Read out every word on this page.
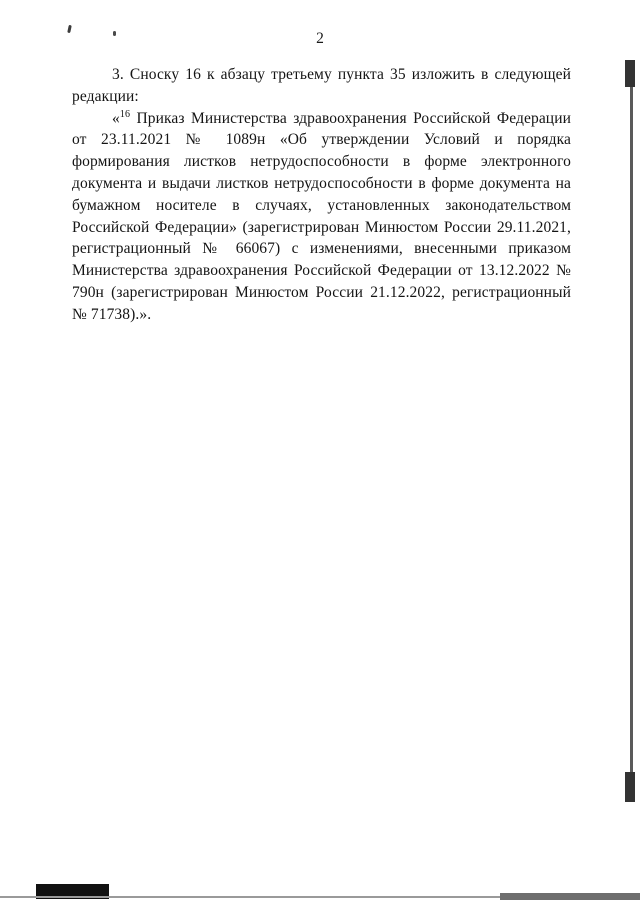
2

3. Сноску 16 к абзацу третьему пункта 35 изложить в следующей редакции:

«$^{16}$ Приказ Министерства здравоохранения Российской Федерации от 23.11.2021 № 1089н «Об утверждении Условий и порядка формирования листков нетрудоспособности в форме электронного документа и выдачи листков нетрудоспособности в форме документа на бумажном носителе в случаях, установленных законодательством Российской Федерации» (зарегистрирован Минюстом России 29.11.2021, регистрационный № 66067) с изменениями, внесенными приказом Министерства здравоохранения Российской Федерации от 13.12.2022 № 790н (зарегистрирован Минюстом России 21.12.2022, регистрационный № 71738).».
